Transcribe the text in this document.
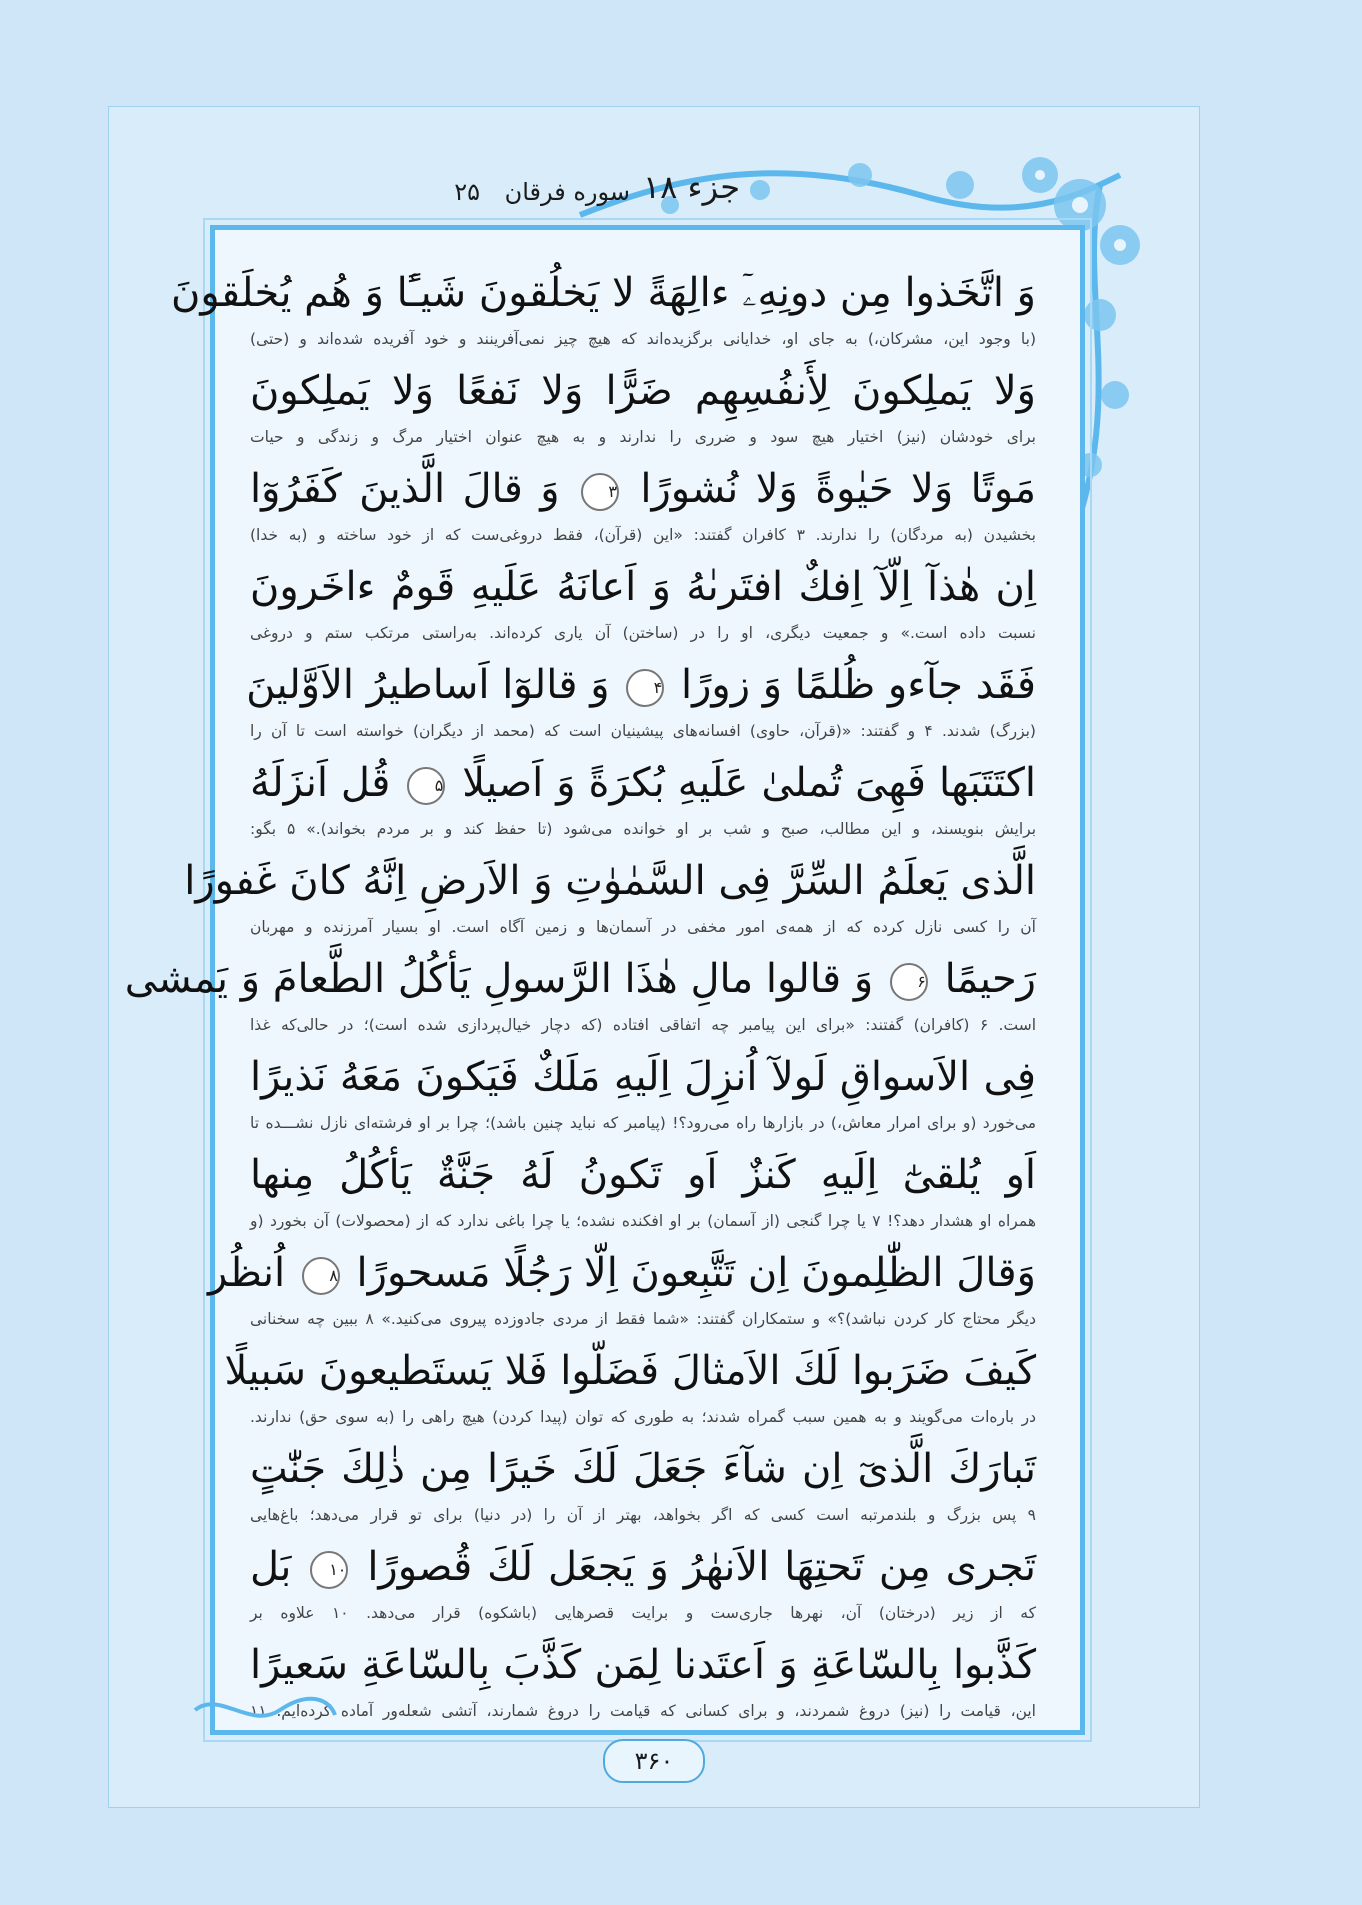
جزء ۱۸
سوره فرقان
۲۵
وَ اتَّخَذوا مِن دونِهِۦٓ ءالِهَةً لا يَخلُقونَ شَيـًٔا وَ هُم يُخلَقونَ
(با وجود این، مشرکان،) به جای او، خدایانی برگزیده‌اند که هیچ چیز نمی‌آفرینند و خود آفریده شده‌اند و (حتی)
وَلا يَملِكونَ لِأَنفُسِهِم ضَرًّا وَلا نَفعًا وَلا يَملِكونَ
برای خودشان (نیز) اختیار هیچ سود و ضرری را ندارند و به هیچ عنوان اختیار مرگ و زندگی و حیات
مَوتًا وَلا حَيٰوةً وَلا نُشورًا ۳ وَ قالَ الَّذينَ كَفَرُوٓا
بخشیدن (به مردگان) را ندارند. ۳ کافران گفتند: «این (قرآن)، فقط دروغی‌ست که از خود ساخته و (به خدا)
اِن هٰذآ اِلّآ اِفكٌ افتَرىٰهُ وَ اَعانَهُ عَلَيهِ قَومٌ ءاخَرونَ
نسبت داده است.» و جمعیت دیگری، او را در (ساختن) آن یاری کرده‌اند. به‌راستی مرتکب ستم و دروغی
فَقَد جآءو ظُلمًا وَ زورًا ۴ وَ قالوٓا اَساطيرُ الاَوَّلينَ
(بزرگ) شدند. ۴ و گفتند: «(قرآن، حاوی) افسانه‌های پیشینیان است که (محمد از دیگران) خواسته است تا آن را
اكتَتَبَها فَهِىَ تُملىٰ عَلَيهِ بُكرَةً وَ اَصيلًا ۵ قُل اَنزَلَهُ
برایش بنویسند، و این مطالب، صبح و شب بر او خوانده می‌شود (تا حفظ کند و بر مردم بخواند).» ۵ بگو:
الَّذى يَعلَمُ السِّرَّ فِى السَّمٰوٰتِ وَ الاَرضِ اِنَّهُ كانَ غَفورًا
آن را کسی نازل کرده که از همه‌ی امور مخفی در آسمان‌ها و زمین آگاه است. او بسیار آمرزنده و مهربان
رَحيمًا ۶ وَ قالوا مالِ هٰذَا الرَّسولِ يَأكُلُ الطَّعامَ وَ يَمشى
است. ۶ (کافران) گفتند: «برای این پیامبر چه اتفاقی افتاده (که دچار خیال‌پردازی شده است)؛ در حالی‌که غذا
فِى الاَسواقِ لَولآ اُنزِلَ اِلَيهِ مَلَكٌ فَيَكونَ مَعَهُ نَذيرًا
می‌خورد (و برای امرار معاش،) در بازارها راه می‌رود؟! (پیامبر که نباید چنین باشد)؛ چرا بر او فرشته‌ای نازل نشـــده تا
اَو يُلقىٰٓ اِلَيهِ كَنزٌ اَو تَكونُ لَهُ جَنَّةٌ يَأكُلُ مِنها
همراه او هشدار دهد؟! ۷ یا چرا گنجی (از آسمان) بر او افکنده نشده؛ یا چرا باغی ندارد که از (محصولات) آن بخورد (و
وَقالَ الظّٰلِمونَ اِن تَتَّبِعونَ اِلّا رَجُلًا مَسحورًا ۸ اُنظُر
دیگر محتاج کار کردن نباشد)؟» و ستمکاران گفتند: «شما فقط از مردی جادوزده پیروی می‌کنید.» ۸ ببین چه سخنانی
كَيفَ ضَرَبوا لَكَ الاَمثالَ فَضَلّوا فَلا يَستَطيعونَ سَبيلًا
در باره‌ات می‌گویند و به همین سبب گمراه شدند؛ به طوری که توان (پیدا کردن) هیچ راهی را (به سوی حق) ندارند.
تَبارَكَ الَّذىٓ اِن شآءَ جَعَلَ لَكَ خَيرًا مِن ذٰلِكَ جَنّٰتٍ
۹ پس بزرگ و بلندمرتبه است کسی که اگر بخواهد، بهتر از آن را (در دنیا) برای تو قرار می‌دهد؛ باغ‌هایی
تَجرى مِن تَحتِهَا الاَنهٰرُ وَ يَجعَل لَكَ قُصورًا ۱۰ بَل
که از زیر (درختان) آن، نهرها جاری‌ست و برایت قصرهایی (باشکوه) قرار می‌دهد. ۱۰ علاوه بر
كَذَّبوا بِالسّاعَةِ وَ اَعتَدنا لِمَن كَذَّبَ بِالسّاعَةِ سَعيرًا
این، قیامت را (نیز) دروغ شمردند، و برای کسانی که قیامت را دروغ شمارند، آتشی شعله‌ور آماده کرده‌ایم. ۱۱
۳۶۰
